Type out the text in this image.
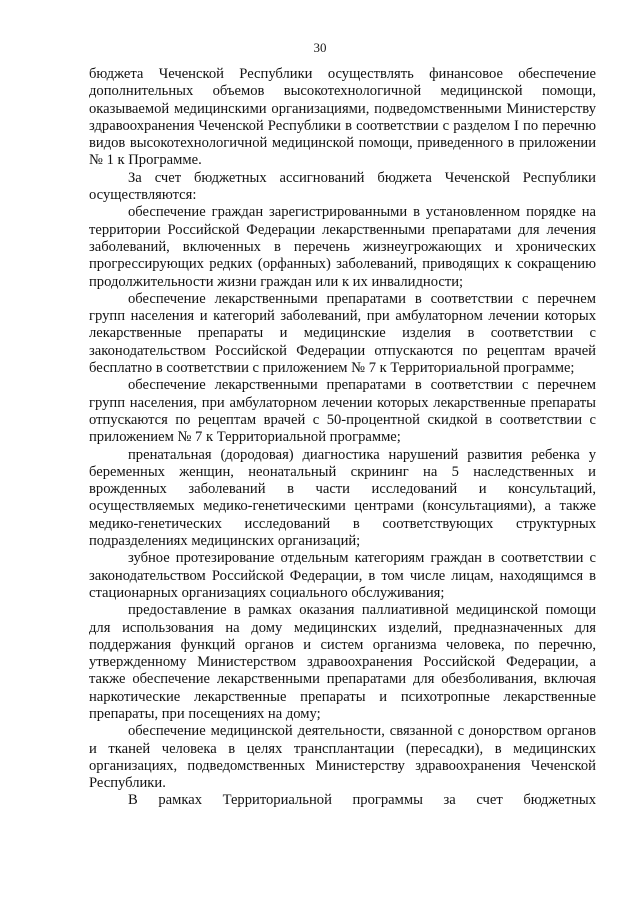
30

бюджета Чеченской Республики осуществлять финансовое обеспечение дополнительных объемов высокотехнологичной медицинской помощи, оказываемой медицинскими организациями, подведомственными Министерству здравоохранения Чеченской Республики в соответствии с разделом I по перечню видов высокотехнологичной медицинской помощи, приведенного в приложении № 1 к Программе.

За счет бюджетных ассигнований бюджета Чеченской Республики осуществляются:

обеспечение граждан зарегистрированными в установленном порядке на территории Российской Федерации лекарственными препаратами для лечения заболеваний, включенных в перечень жизнеугрожающих и хронических прогрессирующих редких (орфанных) заболеваний, приводящих к сокращению продолжительности жизни граждан или к их инвалидности;

обеспечение лекарственными препаратами в соответствии с перечнем групп населения и категорий заболеваний, при амбулаторном лечении которых лекарственные препараты и медицинские изделия в соответствии с законодательством Российской Федерации отпускаются по рецептам врачей бесплатно в соответствии с приложением № 7 к Территориальной программе;

обеспечение лекарственными препаратами в соответствии с перечнем групп населения, при амбулаторном лечении которых лекарственные препараты отпускаются по рецептам врачей с 50-процентной скидкой в соответствии с приложением № 7 к Территориальной программе;

пренатальная (дородовая) диагностика нарушений развития ребенка у беременных женщин, неонатальный скрининг на 5 наследственных и врожденных заболеваний в части исследований и консультаций, осуществляемых медико-генетическими центрами (консультациями), а также медико-генетических исследований в соответствующих структурных подразделениях медицинских организаций;

зубное протезирование отдельным категориям граждан в соответствии с законодательством Российской Федерации, в том числе лицам, находящимся в стационарных организациях социального обслуживания;

предоставление в рамках оказания паллиативной медицинской помощи для использования на дому медицинских изделий, предназначенных для поддержания функций органов и систем организма человека, по перечню, утвержденному Министерством здравоохранения Российской Федерации, а также обеспечение лекарственными препаратами для обезболивания, включая наркотические лекарственные препараты и психотропные лекарственные препараты, при посещениях на дому;

обеспечение медицинской деятельности, связанной с донорством органов и тканей человека в целях трансплантации (пересадки), в медицинских организациях, подведомственных Министерству здравоохранения Чеченской Республики.

В рамках Территориальной программы за счет бюджетных
